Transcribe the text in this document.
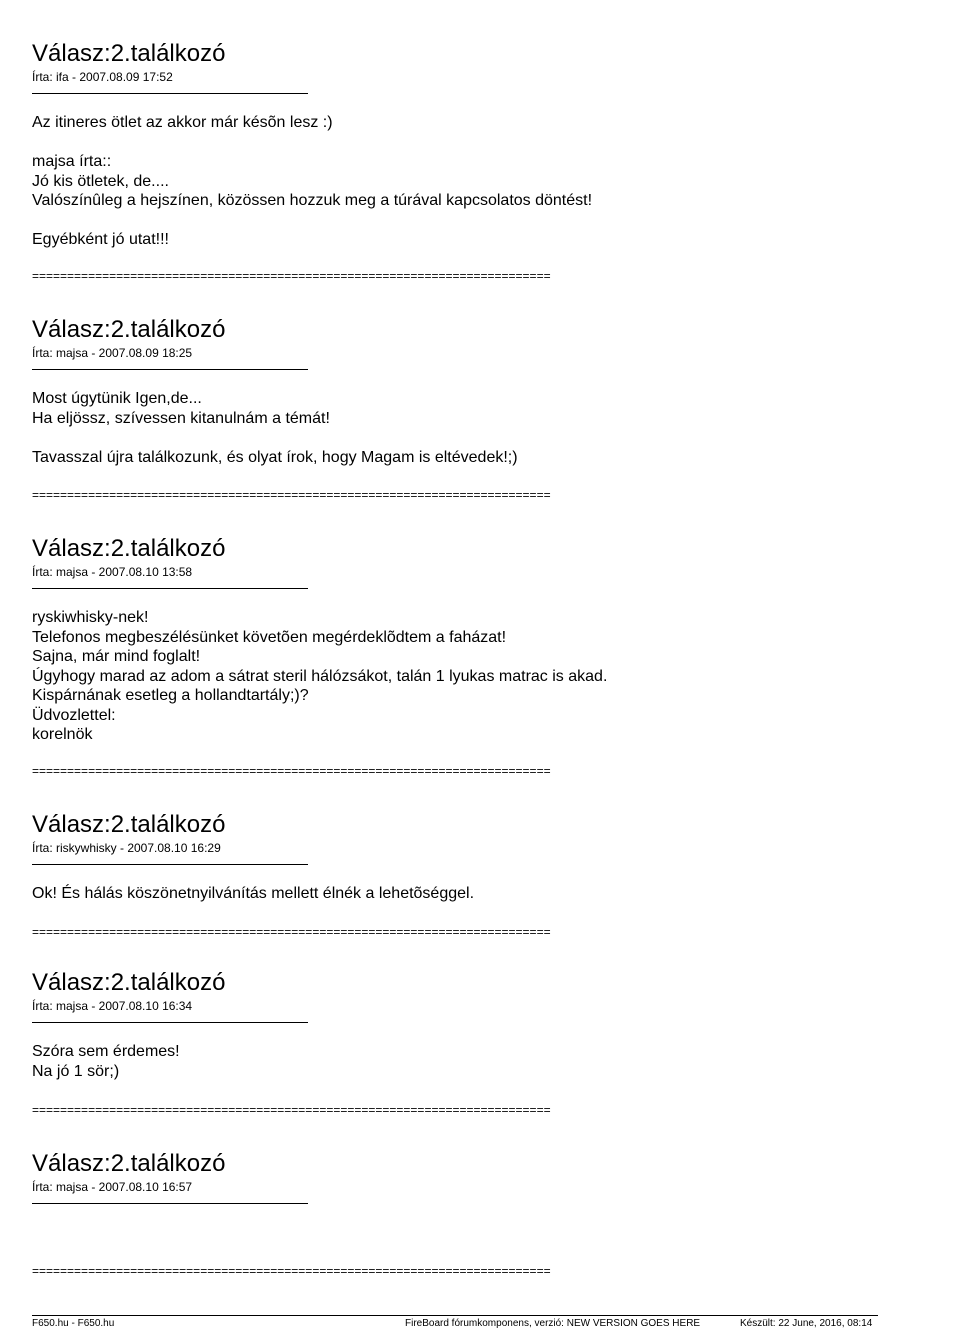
Válasz:2.találkozó
Írta: ifa - 2007.08.09 17:52
Az itineres ötlet az akkor már késõn lesz :)
majsa írta::
Jó kis ötletek, de....
Valószínûleg a hejszínen, közössen hozzuk meg a túrával kapcsolatos döntést!
Egyébként jó utat!!!
==========================================================================
Válasz:2.találkozó
Írta: majsa - 2007.08.09 18:25
Most úgytünik Igen,de...
Ha eljössz, szívessen kitanulnám a témát!
Tavasszal újra találkozunk, és olyat írok, hogy Magam is eltévedek!;)
==========================================================================
Válasz:2.találkozó
Írta: majsa - 2007.08.10 13:58
ryskiwhisky-nek!
Telefonos megbeszélésünket követõen megérdeklõdtem a faházat!
Sajna, már mind foglalt!
Úgyhogy marad az adom a sátrat steril hálózsákot, talán 1 lyukas matrac is akad.
Kispárnának esetleg a hollandtartály;)?
Üdvozlettel:
korelnök
==========================================================================
Válasz:2.találkozó
Írta: riskywhisky - 2007.08.10 16:29
Ok! És hálás köszönetnyilvánítás mellett élnék a lehetõséggel.
==========================================================================
Válasz:2.találkozó
Írta: majsa - 2007.08.10 16:34
Szóra sem érdemes!
Na jó 1 sör;)
==========================================================================
Válasz:2.találkozó
Írta: majsa - 2007.08.10 16:57
==========================================================================
F650.hu - F650.hu	FireBoard fórumkomponens, verzió: NEW VERSION GOES HERE	Készült: 22 June, 2016, 08:14
